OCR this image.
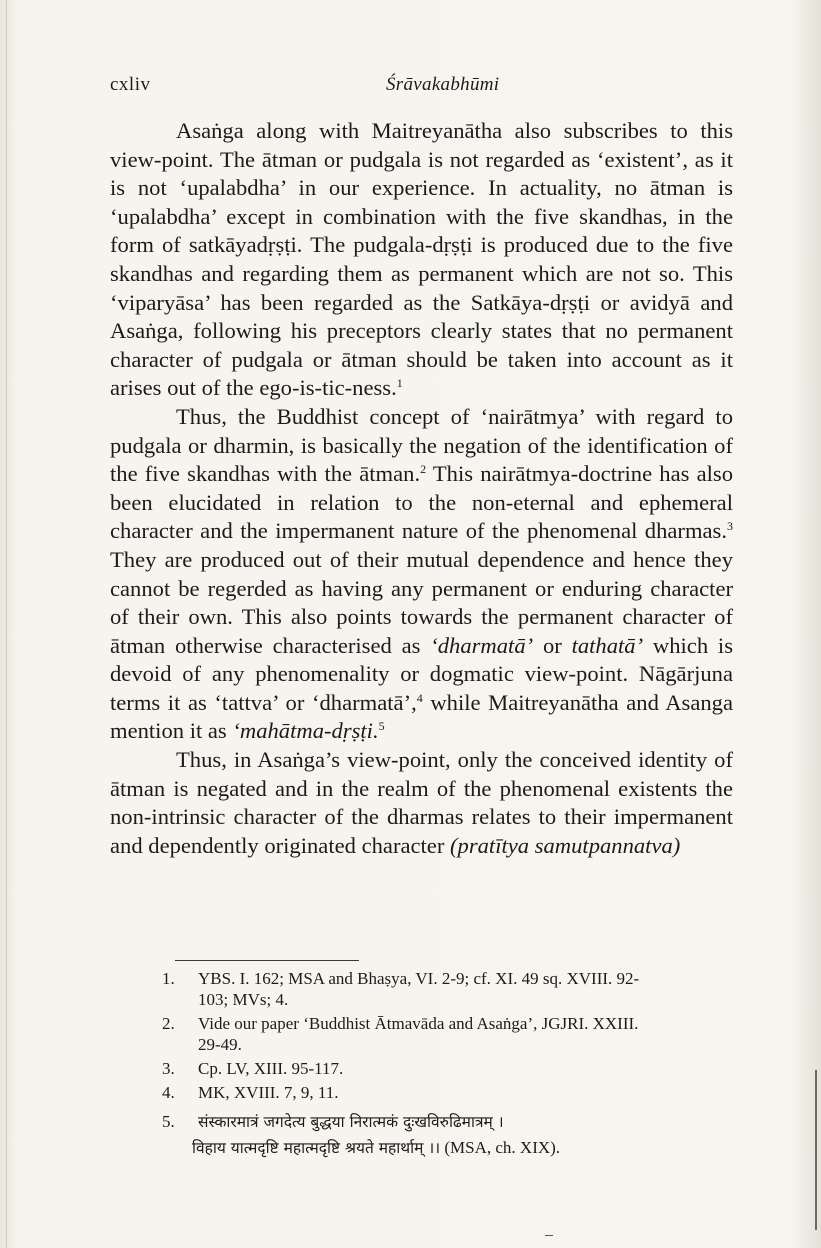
cxliv	Śrāvakabhūmi

Asaṅga along with Maitreyanātha also subscribes to this view-point. The ātman or pudgala is not regarded as ‘existent’, as it is not ‘upalabdha’ in our experience. In actuality, no ātman is ‘upalabdha’ except in combination with the five skandhas, in the form of satkāyadṛṣṭi. The pudgala-dṛṣṭi is produced due to the five skandhas and regarding them as permanent which are not so. This ‘viparyāsa’ has been regarded as the Satkāya-dṛṣṭi or avidyā and Asaṅga, following his preceptors clearly states that no permanent character of pudgala or ātman should be taken into account as it arises out of the ego-is-tic-ness.$^1$

Thus, the Buddhist concept of ‘nairātmya’ with regard to pudgala or dharmin, is basically the negation of the identification of the five skandhas with the ātman.$^2$ This nairātmya-doctrine has also been elucidated in relation to the non-eternal and ephemeral character and the impermanent nature of the phenomenal dharmas.$^3$ They are produced out of their mutual dependence and hence they cannot be regerded as having any permanent or enduring character of their own. This also points towards the permanent character of ātman otherwise characterised as ‘dharmatā’ or tathatā’ which is devoid of any phenomenality or dogmatic view-point. Nāgārjuna terms it as ‘tattva’ or ‘dharmatā’,$^4$ while Maitreyanātha and Asanga mention it as ‘mahātma-dṛṣṭi.$^5$

Thus, in Asaṅga’s view-point, only the conceived identity of ātman is negated and in the realm of the phenomenal existents the non-intrinsic character of the dharmas relates to their impermanent and dependently originated character (pratītya samutpannatva)

1. YBS. I. 162; MSA and Bhaṣya, VI. 2-9; cf. XI. 49 sq. XVIII. 92-
103; MVs; 4.
2. Vide our paper ‘Buddhist Ātmavāda and Asaṅga’, JGJRI. XXIII.
29-49.
3. Cp. LV, XIII. 95-117.
4. MK, XVIII. 7, 9, 11.
5. संस्कारमात्रं जगदेत्य बुद्धया निरात्मकं दुःखविरुढिमात्रम् ।
विहाय यात्मदृष्टि महात्मदृष्टि श्रयते महार्थाम् ।। (MSA, ch. XIX).
